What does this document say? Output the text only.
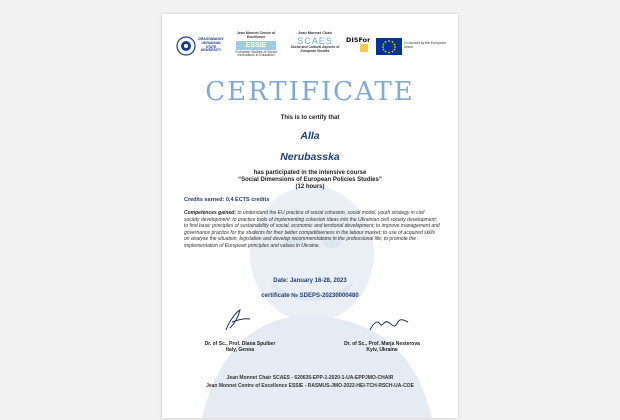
DRAGOMANOV UKRAINIAN STATE UNIVERSITY
Jean Monnet Centre of Excellence
ESSIE
European Studies of Social Innovations in Education
Jean Monnet Chair
SCAES
Social and Cultural Aspects of European Studies
DISFor	Co-funded by the European Union
CERTIFICATE
This is to certify that
Alla
Nerubasskа
has participated in the intensive course
“Social Dimensions of European Policies Studies”
(12 hours)
Credits earned: 0,4 ECTS credits
Competences gained: to understand the EU practice of social cohesion, social model, youth strategy in civil society development; to practice tools of implementing cohesion ideas into the Ukrainian civil society development; to find basic principles of sustainability of social, economic and territorial development; to improve management and governance practice for the students for their better competitiveness in the labour market; to use of acquired skills on analyse the situation, legislation and develop recommendations in the professional life; to promote the implementation of European principles and values in Ukraine.
Date: January 16-28, 2023
certificate № SDEPS-20230000480
Dr. of Sc., Prof. Diana Spulber
Italy, Genoa
Dr. of Sc., Prof. Marja Nesterova
Kyiv, Ukraine
Jean Monnet Chair SCAES - 620635-EPP-1-2020-1-UA-EPPJMO-CHAIR
Jean Monnet Centre of Excellence ESSIE - RASMUS-JMO-2022-HEI-TCH-RSCH-UA-COE
